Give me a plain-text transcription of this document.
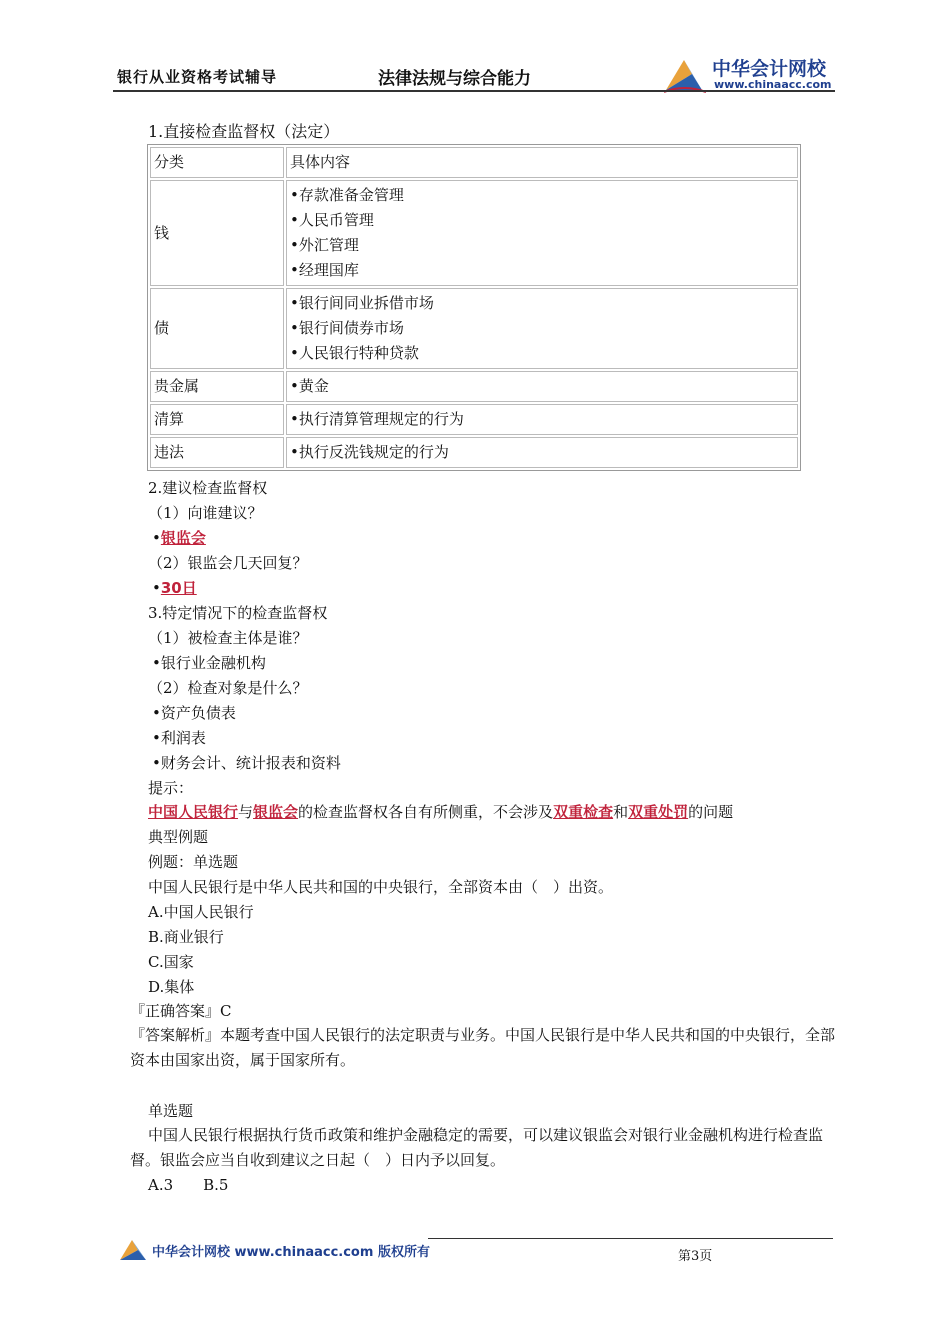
银行从业资格考试辅导	法律法规与综合能力	中华会计网校
www.chinaacc.com
1.直接检查监督权（法定）
分类	具体内容
钱	•存款准备金管理
•人民币管理
•外汇管理
•经理国库

债	•银行间同业拆借市场
•银行间债券市场
•人民银行特种贷款

贵金属	•黄金
清算	•执行清算管理规定的行为
违法	•执行反洗钱规定的行为
2.建议检查监督权
（1）向谁建议？
•银监会
（2）银监会几天回复？
•30日
3.特定情况下的检查监督权
（1）被检查主体是谁？
•银行业金融机构
（2）检查对象是什么？
•资产负债表
•利润表
•财务会计、统计报表和资料
提示：
中国人民银行与银监会的检查监督权各自有所侧重，不会涉及双重检查和双重处罚的问题
典型例题
例题：单选题
中国人民银行是中华人民共和国的中央银行，全部资本由（　）出资。
A.中国人民银行
B.商业银行
C.国家
D.集体
『正确答案』C
『答案解析』本题考查中国人民银行的法定职责与业务。中国人民银行是中华人民共和国的中央银行，全部资本由国家出资，属于国家所有。
单选题
中国人民银行根据执行货币政策和维护金融稳定的需要，可以建议银监会对银行业金融机构进行检查监督。银监会应当自收到建议之日起（　）日内予以回复。
A.3　　B.5
中华会计网校 www.chinaacc.com 版权所有	第3页
